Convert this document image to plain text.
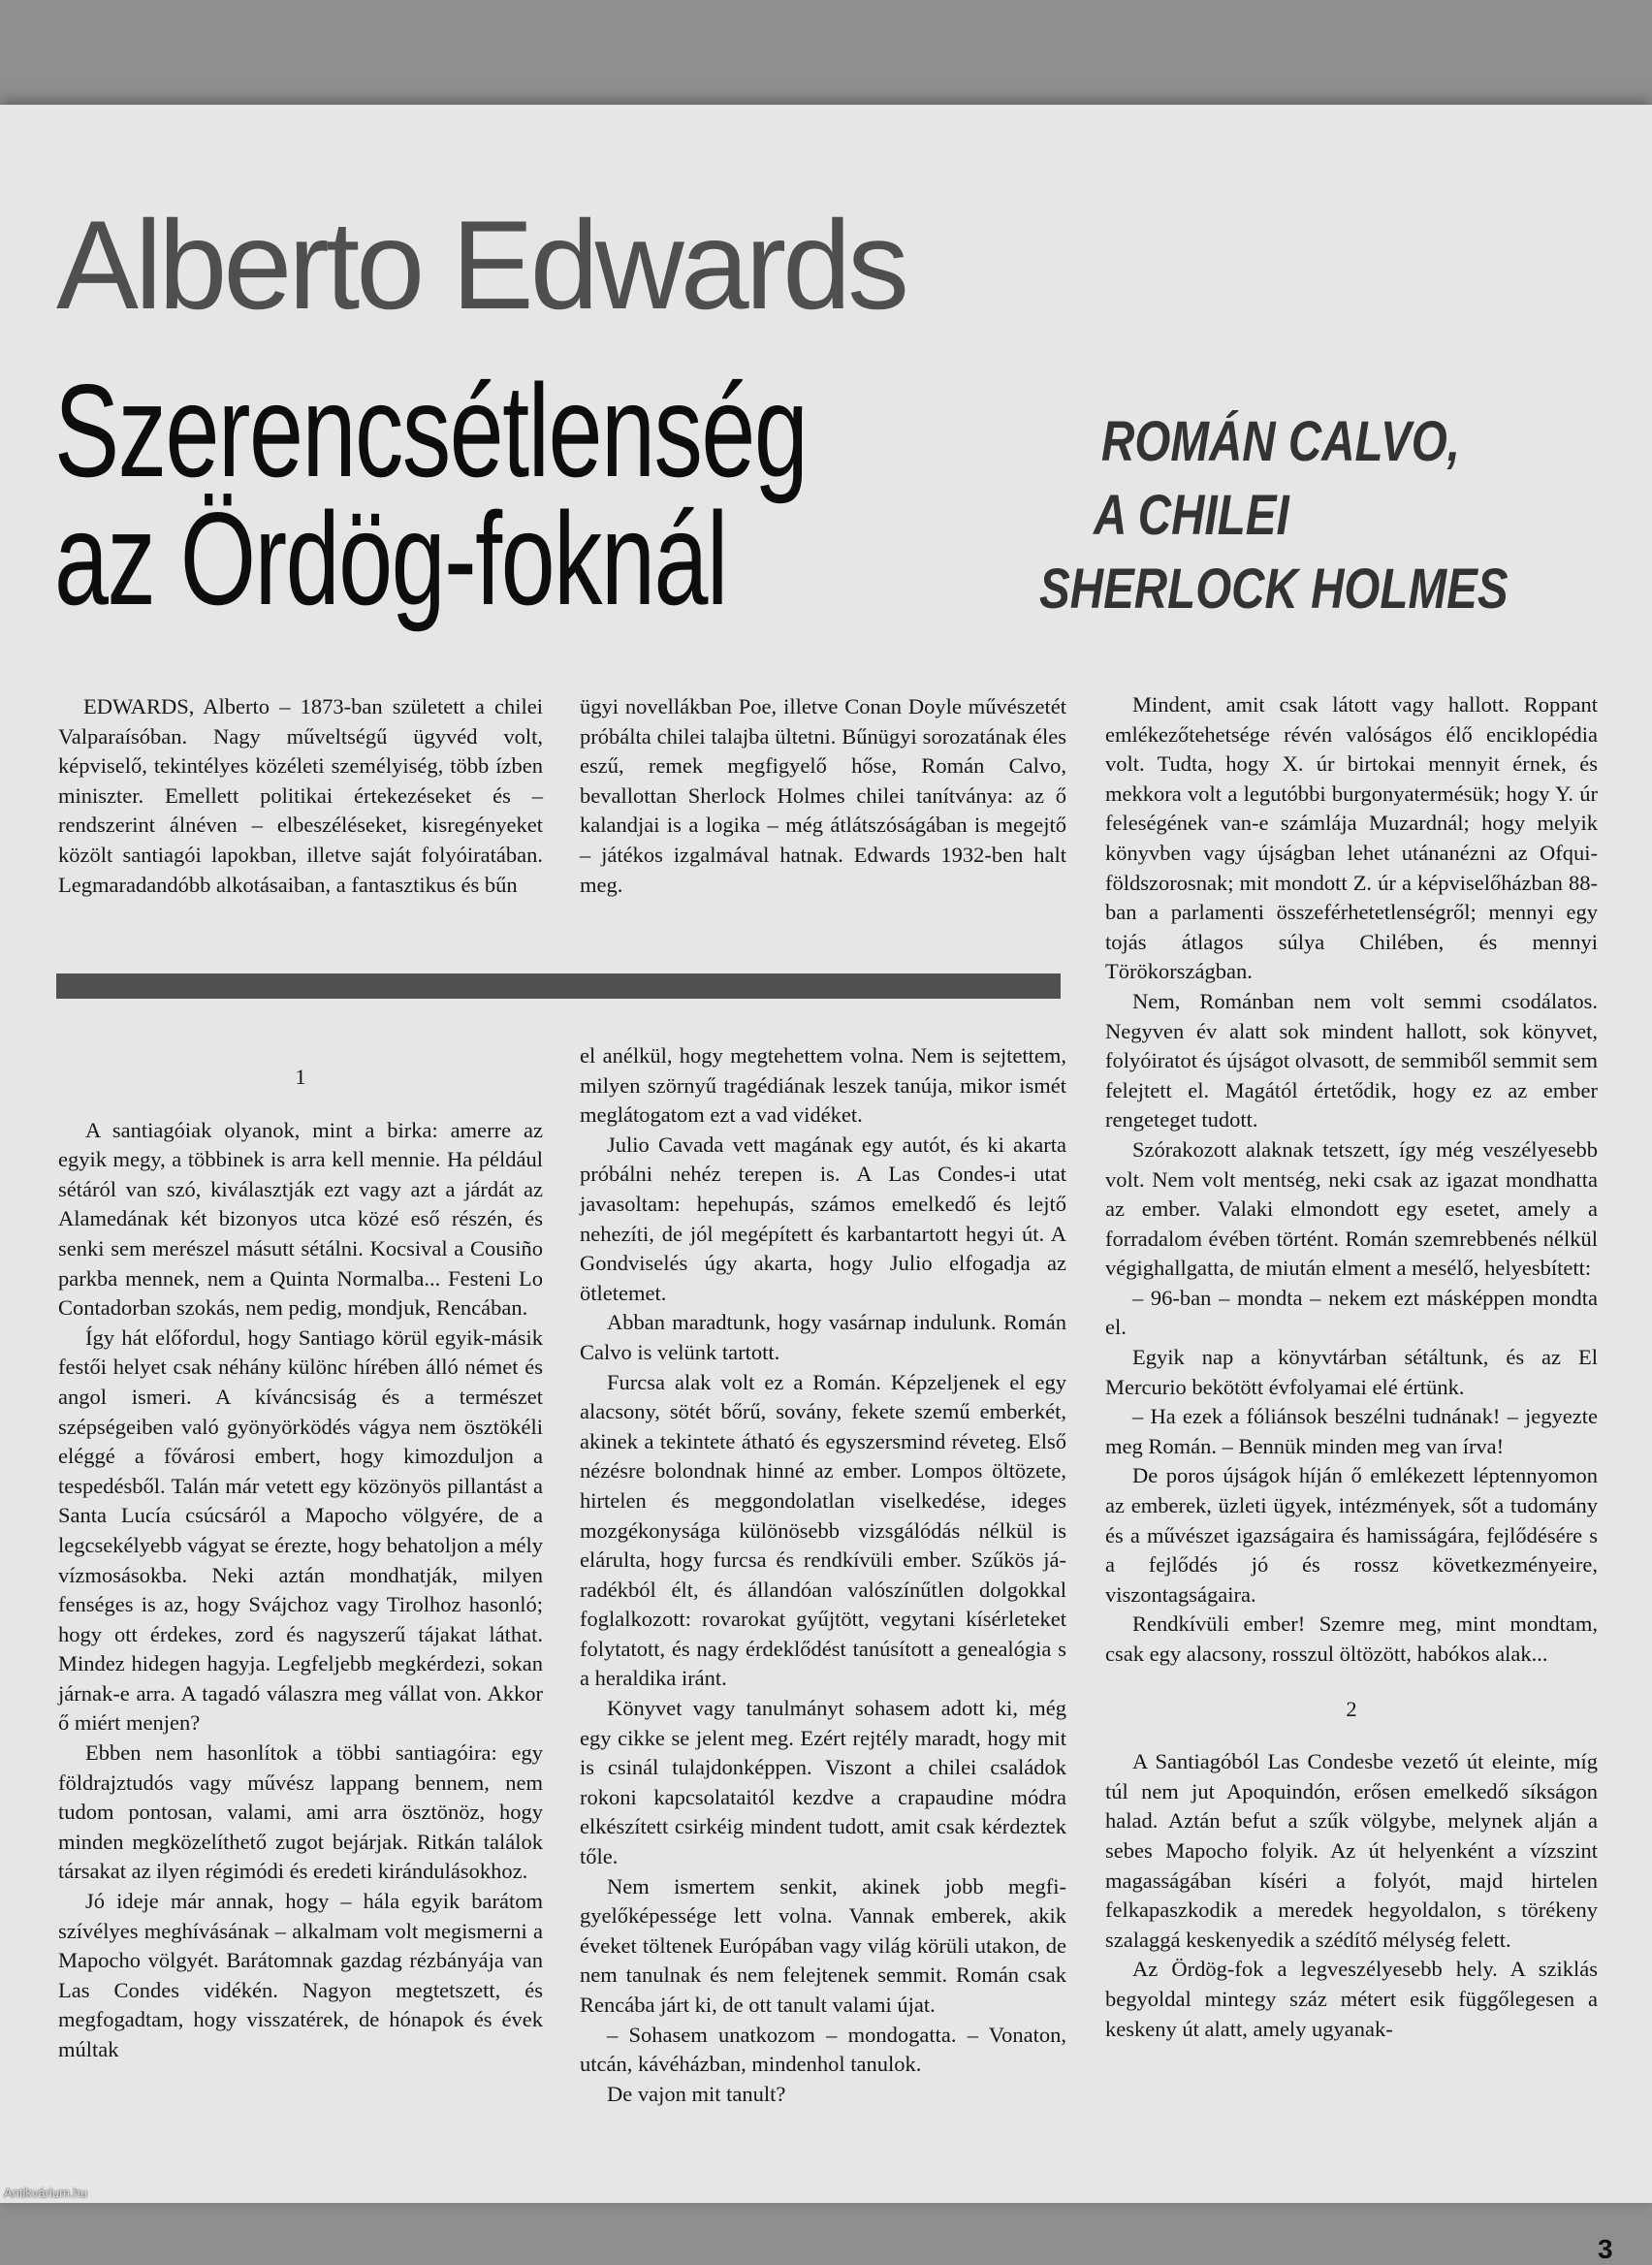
Alberto Edwards
Szerencsétlenség
az Ördög-foknál
ROMÁN CALVO,
A CHILEI
SHERLOCK HOLMES

EDWARDS, Alberto – 1873-ban született a chilei Valparaísóban. Nagy műveltségű ügyvéd volt, képviselő, tekintélyes közéleti személyiség, több ízben miniszter. Emellett politikai értekezéseket és – rendszerint álnéven – elbeszéléseket, kisregényeket közölt santiagói lapokban, illetve saját folyóiratában. Legmaradandóbb alkotásaiban, a fantasztikus és bűn

ügyi novellákban Poe, illetve Conan Doyle művészetét próbálta chilei talajba ültetni. Bűnügyi sorozatának éles eszű, remek megfigyelő hőse, Román Calvo, bevallottan Sherlock Holmes chilei tanítványa: az ő kalandjai is a logika – még átlátszóságában is megejtő – játékos izgalmával hatnak. Edwards 1932-ben halt meg.

1

A santiagóiak olyanok, mint a birka: amerre az egyik megy, a többinek is arra kell mennie. Ha például sétáról van szó, kiválasztják ezt vagy azt a járdát az Alamedának két bizonyos utca közé eső részén, és senki sem merészel másutt sétálni. Kocsival a Cousiño parkba mennek, nem a Quinta Normalba... Festeni Lo Contadorban szokás, nem pedig, mondjuk, Rencában.

Így hát előfordul, hogy Santiago körül egyik-másik festői helyet csak néhány különc hírében álló német és angol ismeri. A kíváncsiság és a természet szépségeiben való gyönyörködés vágya nem ösztökéli eléggé a fővárosi embert, hogy kimozduljon a tespedésből. Talán már vetett egy közönyös pillantást a Santa Lucía csúcsáról a Mapocho völgyére, de a legcsekélyebb vágyat se érezte, hogy behatoljon a mély vízmosásokba. Neki aztán mondhatják, milyen fenséges is az, hogy Svájchoz vagy Tirolhoz hasonló; hogy ott érdekes, zord és nagyszerű tájakat láthat. Mindez hidegen hagyja. Legfeljebb megkérdezi, sokan járnak-e arra. A tagadó válaszra meg vállat von. Akkor ő miért menjen?

Ebben nem hasonlítok a többi santiagóira: egy földrajztudós vagy művész lappang bennem, nem tudom pontosan, valami, ami arra ösztönöz, hogy minden megközelíthető zugot bejárjak. Ritkán találok társakat az ilyen régimódi és eredeti kirándulásokhoz.

Jó ideje már annak, hogy – hála egyik barátom szívélyes meghívásának – alkalmam volt megismerni a Mapocho völgyét. Barátomnak gazdag rézbányája van Las Condes vidékén. Nagyon megtetszett, és megfogadtam, hogy visszatérek, de hónapok és évek múltak

el anélkül, hogy megtehettem volna. Nem is sejtettem, milyen szörnyű tragédiának leszek tanúja, mikor ismét meglátogatom ezt a vad vidéket.

Julio Cavada vett magának egy autót, és ki akarta próbálni nehéz terepen is. A Las Condes-i utat javasoltam: hepehupás, számos emelkedő és lejtő nehezíti, de jól megépített és karbantartott hegyi út. A Gondviselés úgy akarta, hogy Julio elfogadja az ötletemet.

Abban maradtunk, hogy vasárnap indulunk. Román Calvo is velünk tartott.

Furcsa alak volt ez a Román. Képzeljenek el egy alacsony, sötét bőrű, sovány, fekete szemű emberkét, akinek a tekintete átható és egyszersmind réveteg. Első nézésre bolondnak hinné az ember. Lompos öltözete, hirtelen és meggondolatlan viselkedése, ideges mozgékonysága különösebb vizsgálódás nélkül is elárulta, hogy furcsa és rendkívüli ember. Szűkös járadékból élt, és állandóan valószínűtlen dolgokkal foglalkozott: rovarokat gyűjtött, vegytani kísérleteket folytatott, és nagy érdeklődést tanúsított a genealógia s a heraldika iránt.

Könyvet vagy tanulmányt sohasem adott ki, még egy cikke se jelent meg. Ezért rejtély maradt, hogy mit is csinál tulajdonképpen. Viszont a chilei családok rokoni kapcsolataitól kezdve a crapaudine módra elkészített csirkéig mindent tudott, amit csak kérdeztek tőle.

Nem ismertem senkit, akinek jobb megfigyelőképessége lett volna. Vannak emberek, akik éveket töltenek Európában vagy világ körüli utakon, de nem tanulnak és nem felejtenek semmit. Román csak Rencába járt ki, de ott tanult valami újat.

– Sohasem unatkozom – mondogatta. – Vonaton, utcán, kávéházban, mindenhol tanulok.

De vajon mit tanult?

Mindent, amit csak látott vagy hallott. Roppant emlékezőtehetsége révén valóságos élő enciklopédia volt. Tudta, hogy X. úr birtokai mennyit érnek, és mekkora volt a legutóbbi burgonyatermésük; hogy Y. úr feleségének van-e számlája Muzardnál; hogy melyik könyvben vagy újságban lehet utánanézni az Ofqui-földszorosnak; mit mondott Z. úr a képviselőházban 88-ban a parlamenti összeférhetetlenségről; mennyi egy tojás átlagos súlya Chilében, és mennyi Törökországban.

Nem, Románban nem volt semmi csodálatos. Negyven év alatt sok mindent hallott, sok könyvet, folyóiratot és újságot olvasott, de semmiből semmit sem felejtett el. Magától értetődik, hogy ez az ember rengeteget tudott.

Szórakozott alaknak tetszett, így még veszélyesebb volt. Nem volt mentség, neki csak az igazat mondhatta az ember. Valaki elmondott egy esetet, amely a forradalom évében történt. Román szemrebbenés nélkül végighallgatta, de miután elment a mesélő, helyesbített:

– 96-ban – mondta – nekem ezt másképpen mondta el.

Egyik nap a könyvtárban sétáltunk, és az El Mercurio bekötött évfolyamai elé értünk.

– Ha ezek a fóliánsok beszélni tudnának! – jegyezte meg Román. – Bennük minden meg van írva!

De poros újságok híján ő emlékezett léptennyomon az emberek, üzleti ügyek, intézmények, sőt a tudomány és a művészet igazságaira és hamisságára, fejlődésére s a fejlődés jó és rossz következményeire, viszontagságaira.

Rendkívüli ember! Szemre meg, mint mondtam, csak egy alacsony, rosszul öltözött, habókos alak...

2

A Santiagóból Las Condesbe vezető út eleinte, míg túl nem jut Apoquindón, erősen emelkedő síkságon halad. Aztán befut a szűk völgybe, melynek alján a sebes Mapocho folyik. Az út helyenként a vízszint magasságában kíséri a folyót, majd hirtelen felkapaszkodik a meredek hegyoldalon, s törékeny szalaggá keskenyedik a szédítő mélység felett.

Az Ördög-fok a legveszélyesebb hely. A sziklás begyoldal mintegy száz métert esik függőlegesen a keskeny út alatt, amely ugyanak-

3
Antikvárium.hu
